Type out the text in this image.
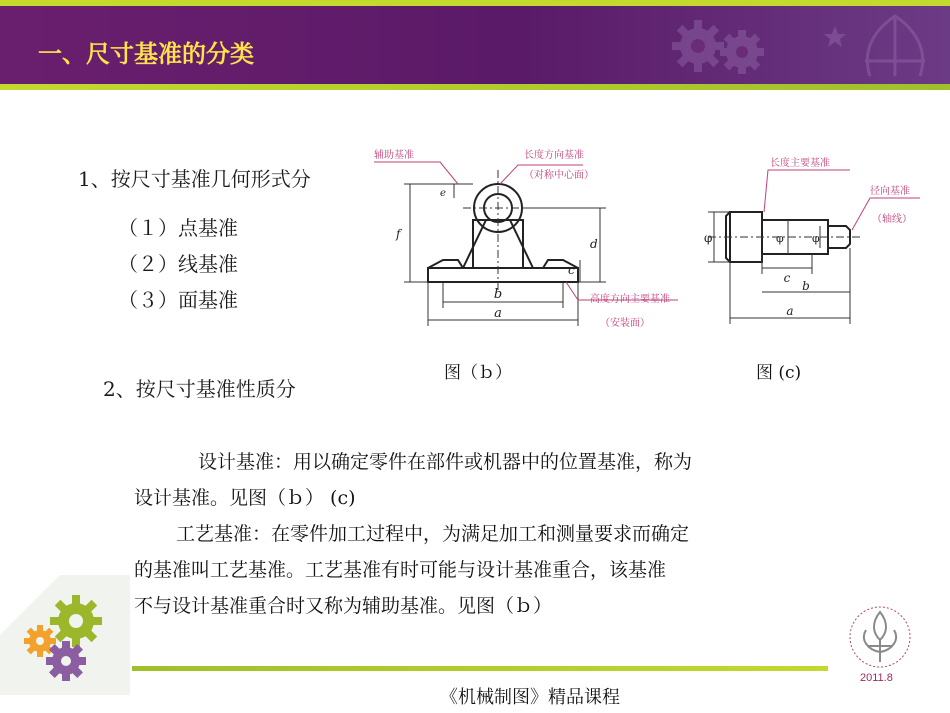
一、尺寸基准的分类
1、按尺寸基准几何形式分
（１）点基准
（２）线基准
（３）面基准
2、按尺寸基准性质分
f
e
d
c
b
a
辅助基准	长度方向基准
（对称中心面）
高度方向主要基准
（安装面）
图（ｂ）
φ	φ	φ
c
b
a
长度主要基准
径向基准
（轴线）
图 (c)
设计基准：用以确定零件在部件或机器中的位置基准，称为
设计基准。见图（ｂ） (c)
工艺基准：在零件加工过程中，为满足加工和测量要求而确定
的基准叫工艺基准。工艺基准有时可能与设计基准重合，该基准
不与设计基准重合时又称为辅助基准。见图（ｂ）
2011.8
《机械制图》精品课程
